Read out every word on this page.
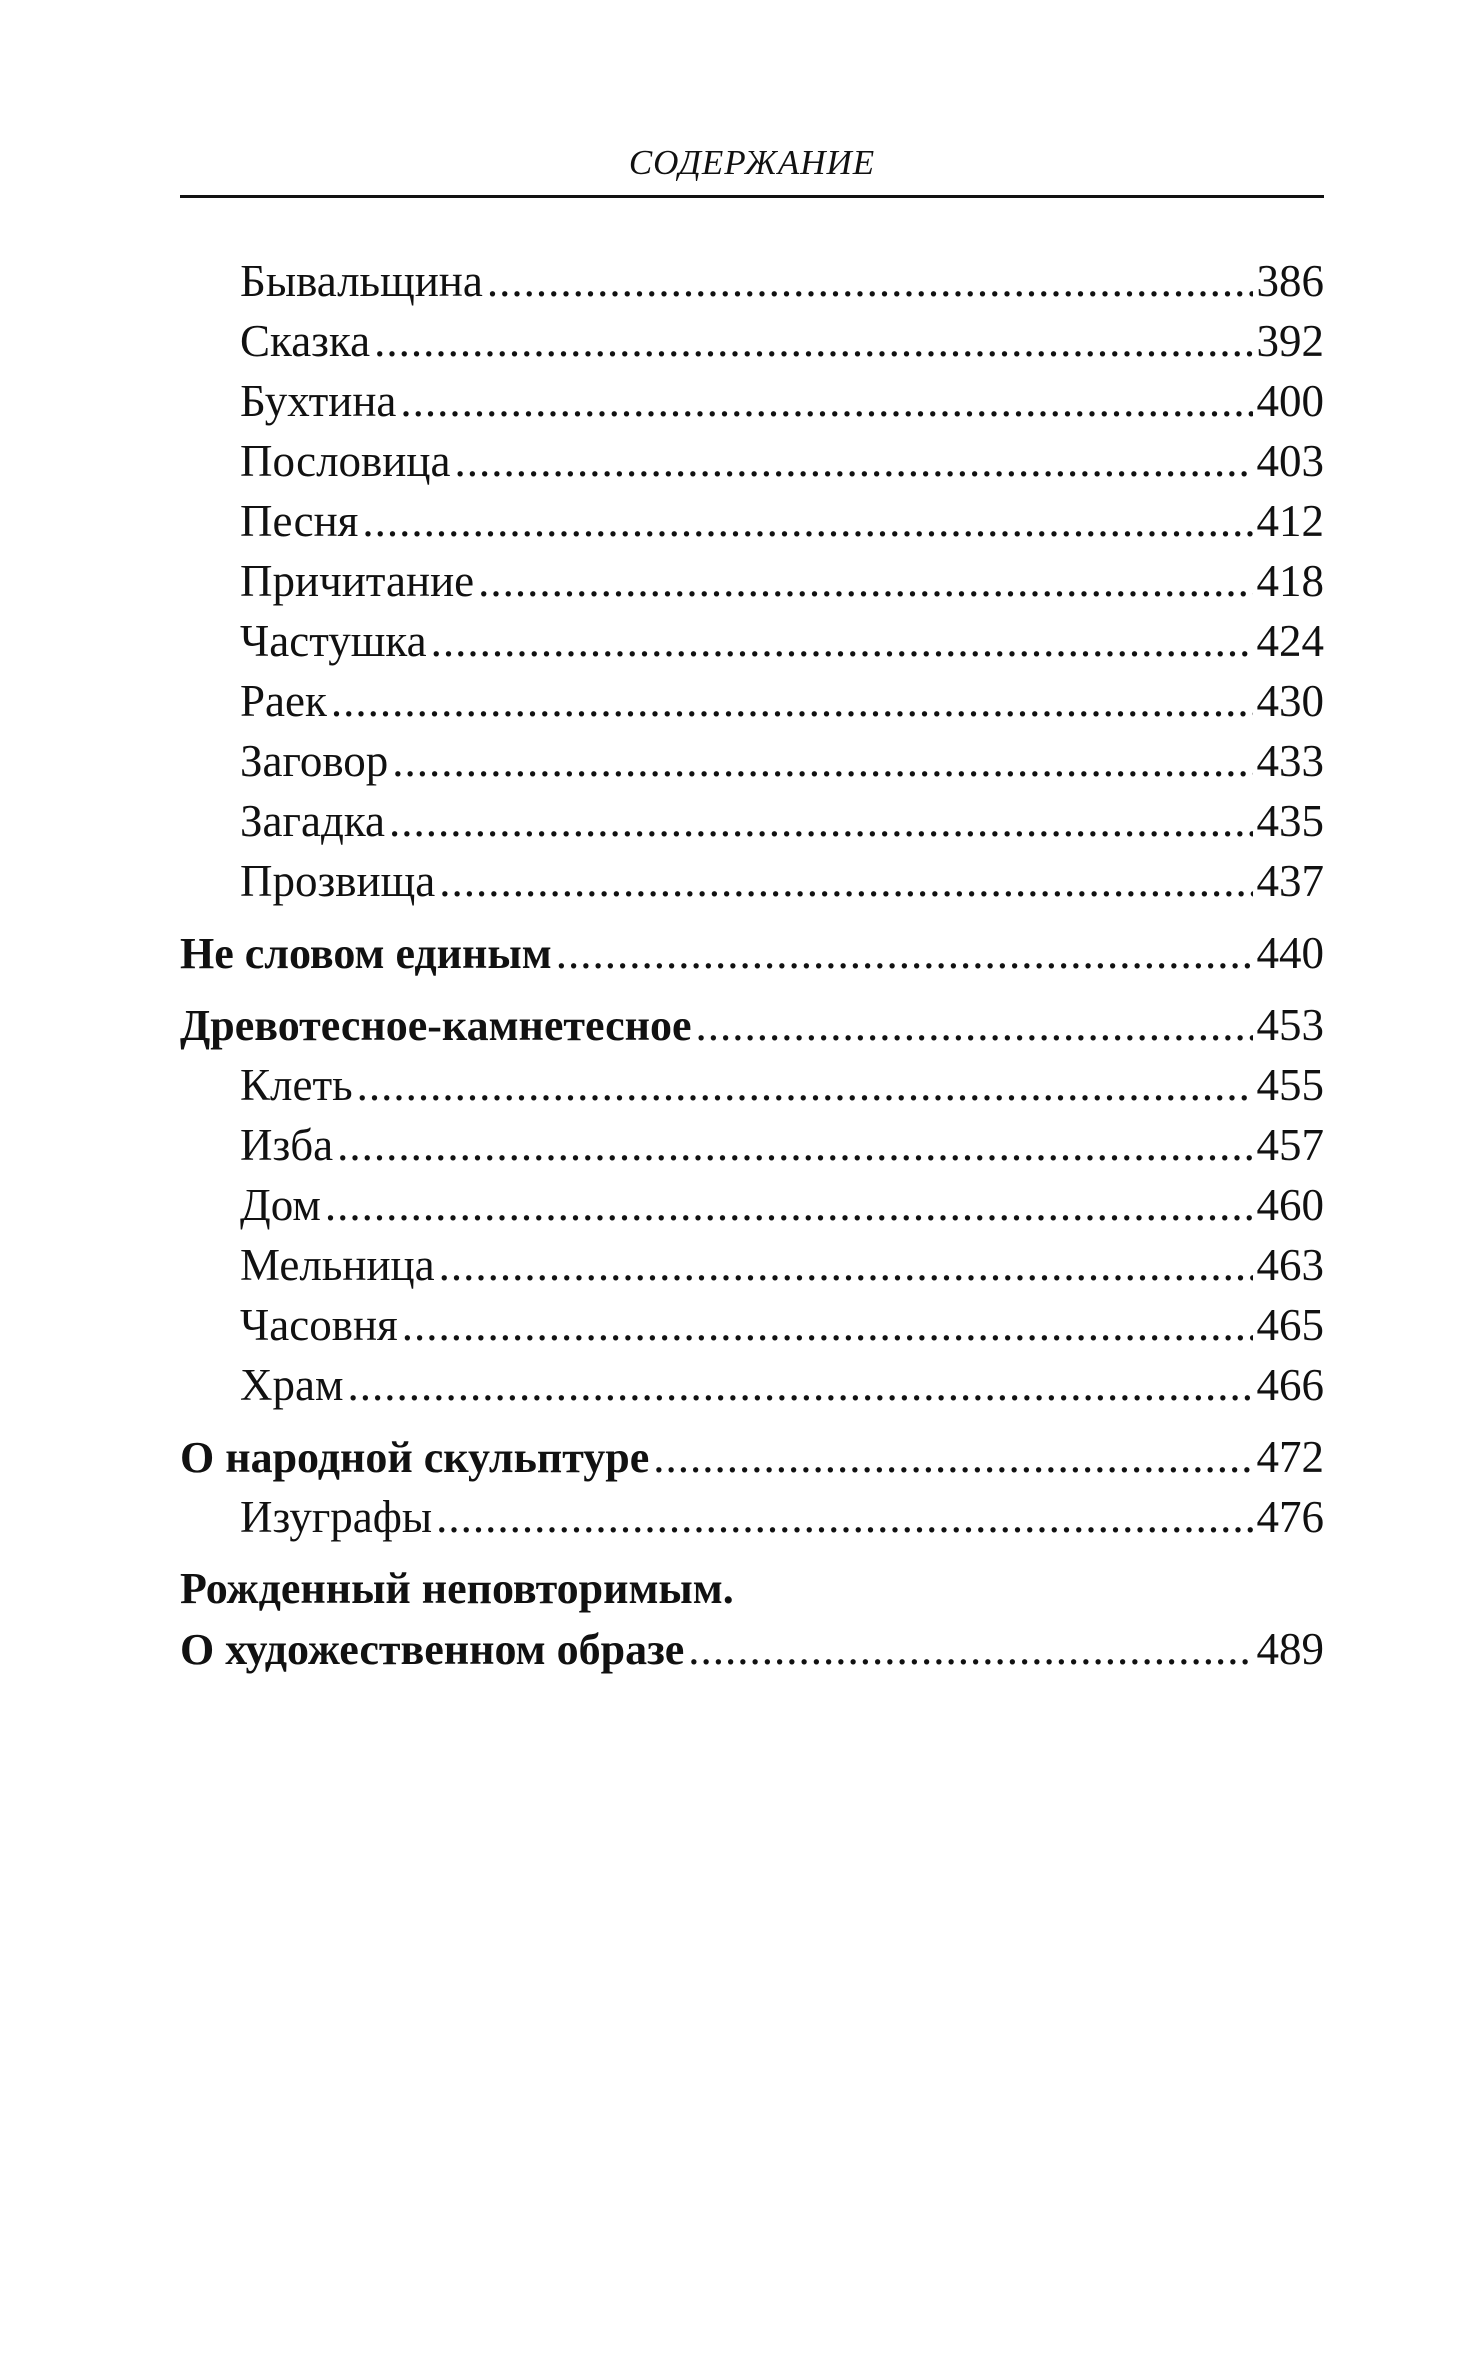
СОДЕРЖАНИЕ
Бывальщина .....	386
Сказка .....	392
Бухтина .....	400
Пословица .....	403
Песня .....	412
Причитание .....	418
Частушка .....	424
Раек .....	430
Заговор .....	433
Загадка .....	435
Прозвища .....	437
Не словом единым .....	440
Древотесное-камнетесное .....	453
Клеть .....	455
Изба .....	457
Дом .....	460
Мельница .....	463
Часовня .....	465
Храм .....	466
О народной скульптуре .....	472
Изуграфы .....	476
Рожденный неповторимым.
О художественном образе .....	489
